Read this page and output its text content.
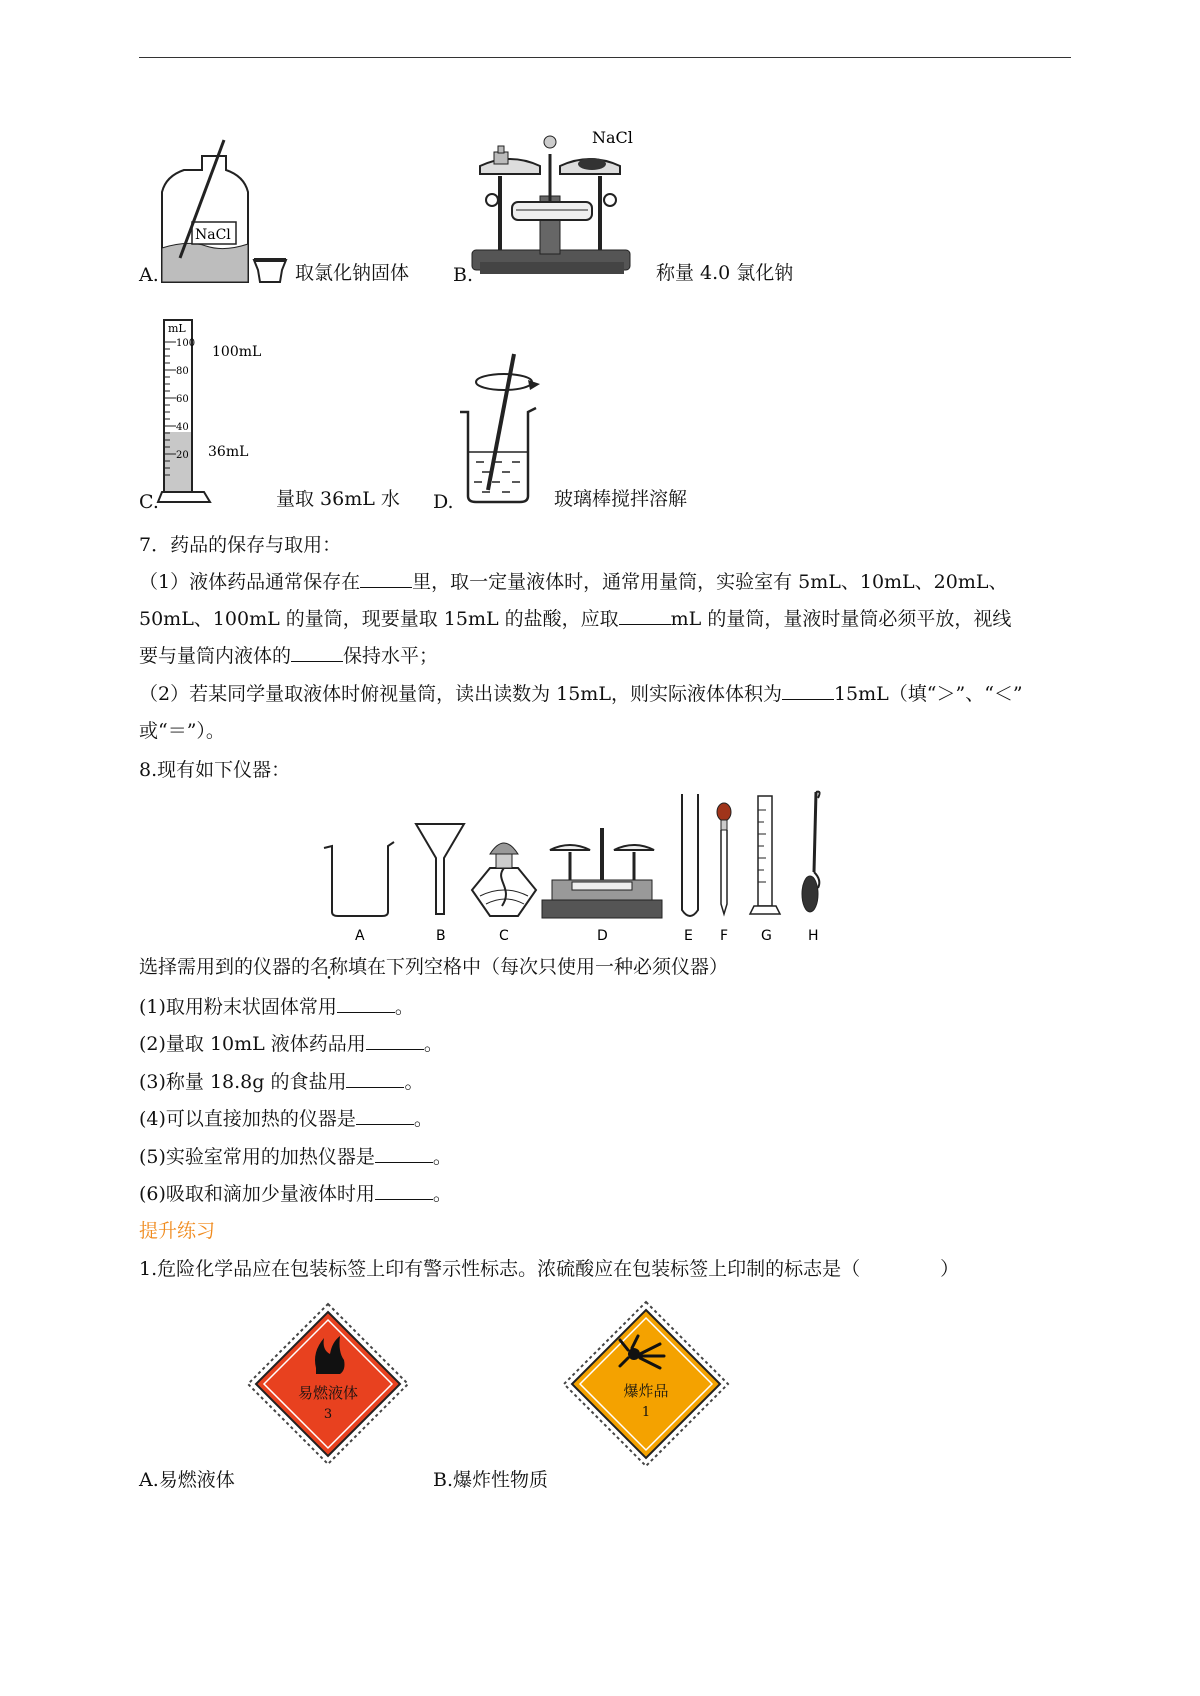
NaCl
A.	取氯化钠固体
NaCl
B.	称量 4.0 氯化钠
mL
100
80
60
40
20
100mL
36mL
C.	量取 36mL 水 D.	玻璃棒搅拌溶解
7．药品的保存与取用：
（1）液体药品通常保存在	里，取一定量液体时，通常用量筒，实验室有 5mL、10mL、20mL、
50mL、100mL 的量筒，现要量取 15mL 的盐酸，应取	mL 的量筒，量液时量筒必须平放，视线
要与量筒内液体的	保持水平；
（2）若某同学量取液体时俯视量筒，读出读数为 15mL，则实际液体体积为	15mL（填“＞”、“＜”
或“＝”）。
8.现有如下仪器：
A	B	C	D	E F G	H
选择需用到的仪器的名称填在下列空格中（每次只使用一种必须仪器）
(1)取用粉末状固体常用	。
(2)量取 10mL 液体药品用	。
(3)称量 18.8g 的食盐用	。
(4)可以直接加热的仪器是	。
(5)实验室常用的加热仪器是	。
(6)吸取和滴加少量液体时用	。
提升练习
1.危险化学品应在包装标签上印有警示性标志。浓硫酸应在包装标签上印制的标志是（	）
易燃液体
3
爆炸品
1
A.易燃液体	B.爆炸性物质
